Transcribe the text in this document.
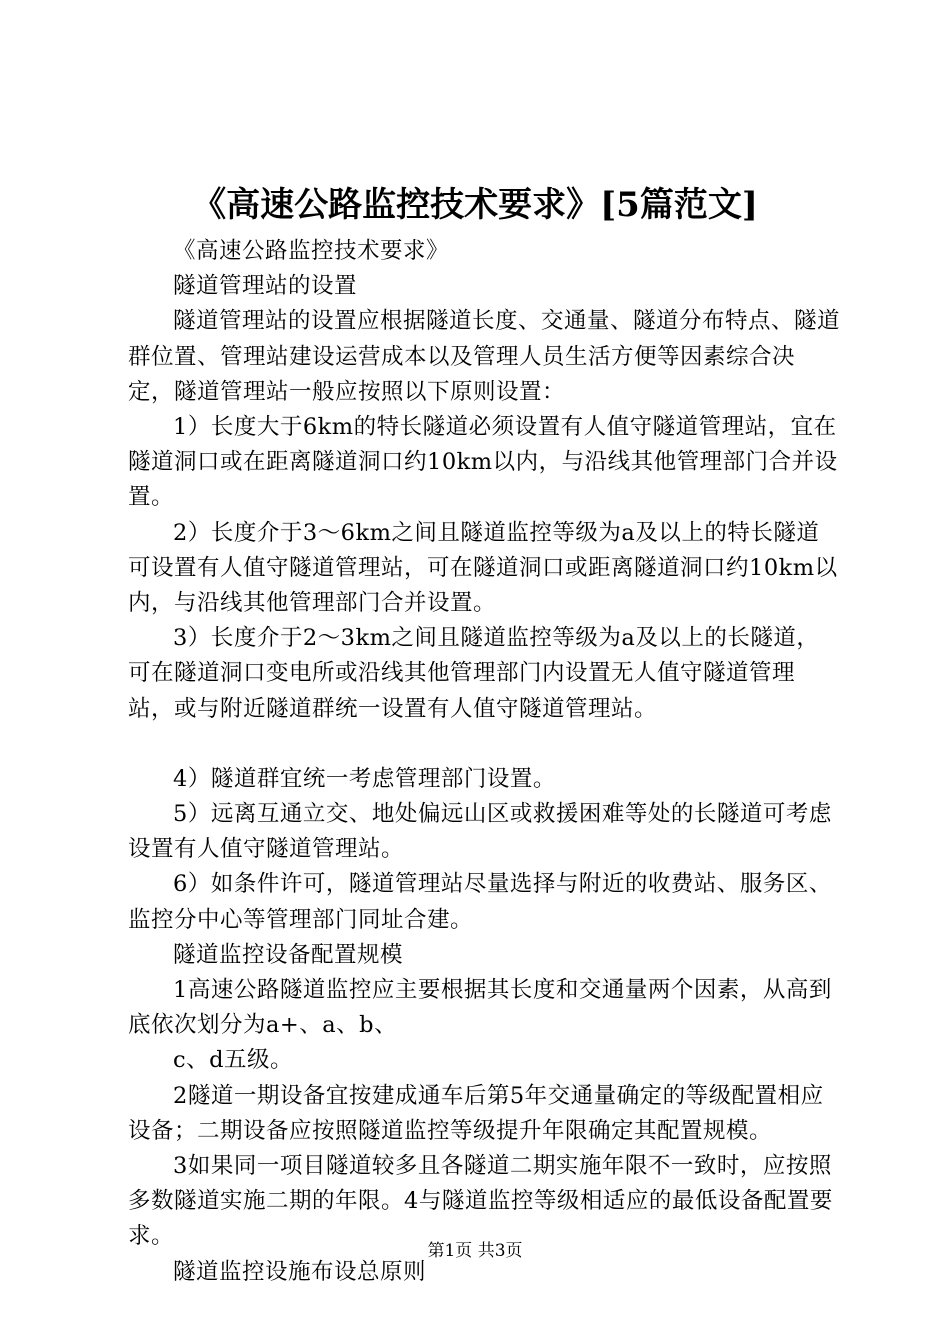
《高速公路监控技术要求》[5篇范文]

《高速公路监控技术要求》

隧道管理站的设置

隧道管理站的设置应根据隧道长度、交通量、隧道分布特点、隧道群位置、管理站建设运营成本以及管理人员生活方便等因素综合决定，隧道管理站一般应按照以下原则设置：

1）长度大于6km的特长隧道必须设置有人值守隧道管理站，宜在隧道洞口或在距离隧道洞口约10km以内，与沿线其他管理部门合并设置。

2）长度介于3～6km之间且隧道监控等级为a及以上的特长隧道可设置有人值守隧道管理站，可在隧道洞口或距离隧道洞口约10km以内，与沿线其他管理部门合并设置。

3）长度介于2～3km之间且隧道监控等级为a及以上的长隧道，可在隧道洞口变电所或沿线其他管理部门内设置无人值守隧道管理站，或与附近隧道群统一设置有人值守隧道管理站。

4）隧道群宜统一考虑管理部门设置。

5）远离互通立交、地处偏远山区或救援困难等处的长隧道可考虑设置有人值守隧道管理站。

6）如条件许可，隧道管理站尽量选择与附近的收费站、服务区、监控分中心等管理部门同址合建。

隧道监控设备配置规模

1高速公路隧道监控应主要根据其长度和交通量两个因素，从高到底依次划分为a+、a、b、

c、d五级。

2隧道一期设备宜按建成通车后第5年交通量确定的等级配置相应设备；二期设备应按照隧道监控等级提升年限确定其配置规模。

3如果同一项目隧道较多且各隧道二期实施年限不一致时，应按照多数隧道实施二期的年限。4与隧道监控等级相适应的最低设备配置要求。

隧道监控设施布设总原则

第1页 共3页
